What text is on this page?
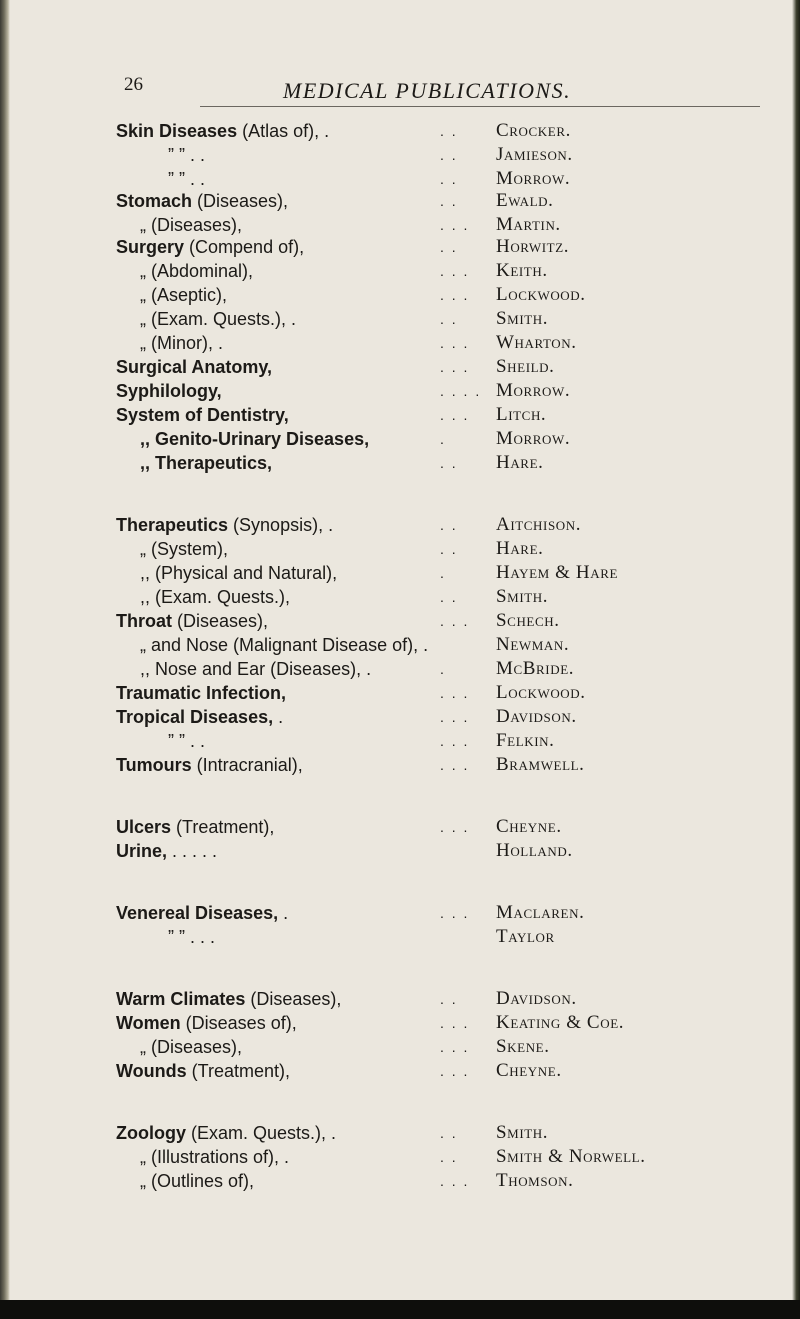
26	MEDICAL PUBLICATIONS.
Skin Diseases (Atlas of), .	. .	Crocker.
” ” . .	. .	Jamieson.
” ” . .	. .	Morrow.
Stomach (Diseases),	. .	Ewald.
„ (Diseases),	. . . Martin.
Surgery (Compend of),	. .	Horwitz.
„ (Abdominal),	. . . Keith.
„ (Aseptic),	. . . Lockwood.
„ (Exam. Quests.), .	. .	Smith.
„ (Minor), .	. . . Wharton.
Surgical Anatomy,	. . . Sheild.
Syphilology,	. . . . Morrow.
System of Dentistry,	. . . Litch.
,, Genito-Urinary Diseases,	.	Morrow.
,, Therapeutics,	. .	Hare.
Therapeutics (Synopsis), .	. .	Aitchison.
„ (System),	. .	Hare.
,, (Physical and Natural),	.	Hayem & Hare
,, (Exam. Quests.),	. .	Smith.
Throat (Diseases),	. . . Schech.
„ and Nose (Malignant Disease of), .	Newman.
,, Nose and Ear (Diseases), .	.	McBride.
Traumatic Infection,	. . . Lockwood.
Tropical Diseases, .	. . . Davidson.
” ” . .	. . . Felkin.
Tumours (Intracranial),	. . . Bramwell.
Ulcers (Treatment),	. . . Cheyne.
Urine, . . . . .	Holland.
Venereal Diseases, .	. . . Maclaren.
” ” . . .	Taylor
Warm Climates (Diseases),	. .	Davidson.
Women (Diseases of),	. . . Keating & Coe.
„ (Diseases),	. . . Skene.
Wounds (Treatment),	. . . Cheyne.
Zoology (Exam. Quests.), .	. .	Smith.
„ (Illustrations of), .	. .	Smith & Norwell.
„ (Outlines of),	. . . Thomson.
